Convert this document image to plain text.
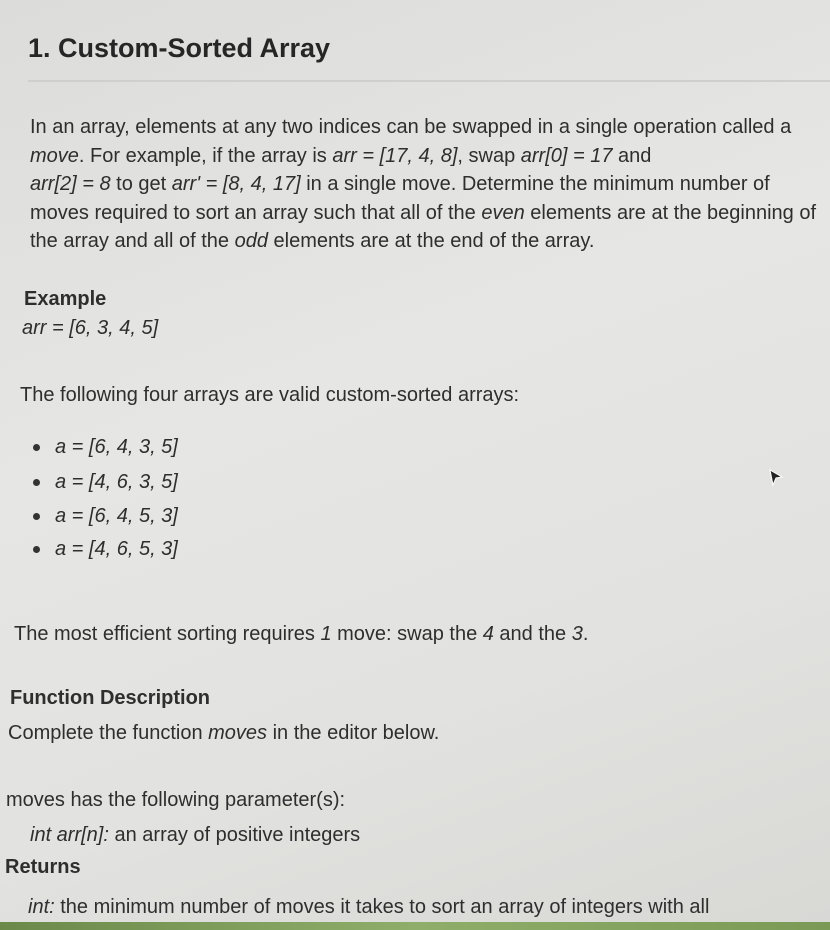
1. Custom-Sorted Array
In an array, elements at any two indices can be swapped in a single operation called a move. For example, if the array is arr = [17, 4, 8], swap arr[0] = 17 and
arr[2] = 8 to get arr' = [8, 4, 17] in a single move. Determine the minimum number of moves required to sort an array such that all of the even elements are at the beginning of the array and all of the odd elements are at the end of the array.
Example
arr = [6, 3, 4, 5]
The following four arrays are valid custom-sorted arrays:
a = [6, 4, 3, 5]
a = [4, 6, 3, 5]
a = [6, 4, 5, 3]
a = [4, 6, 5, 3]
The most efficient sorting requires 1 move: swap the 4 and the 3.
Function Description
Complete the function moves in the editor below.
moves has the following parameter(s):
int arr[n]: an array of positive integers
Returns
int: the minimum number of moves it takes to sort an array of integers with all
